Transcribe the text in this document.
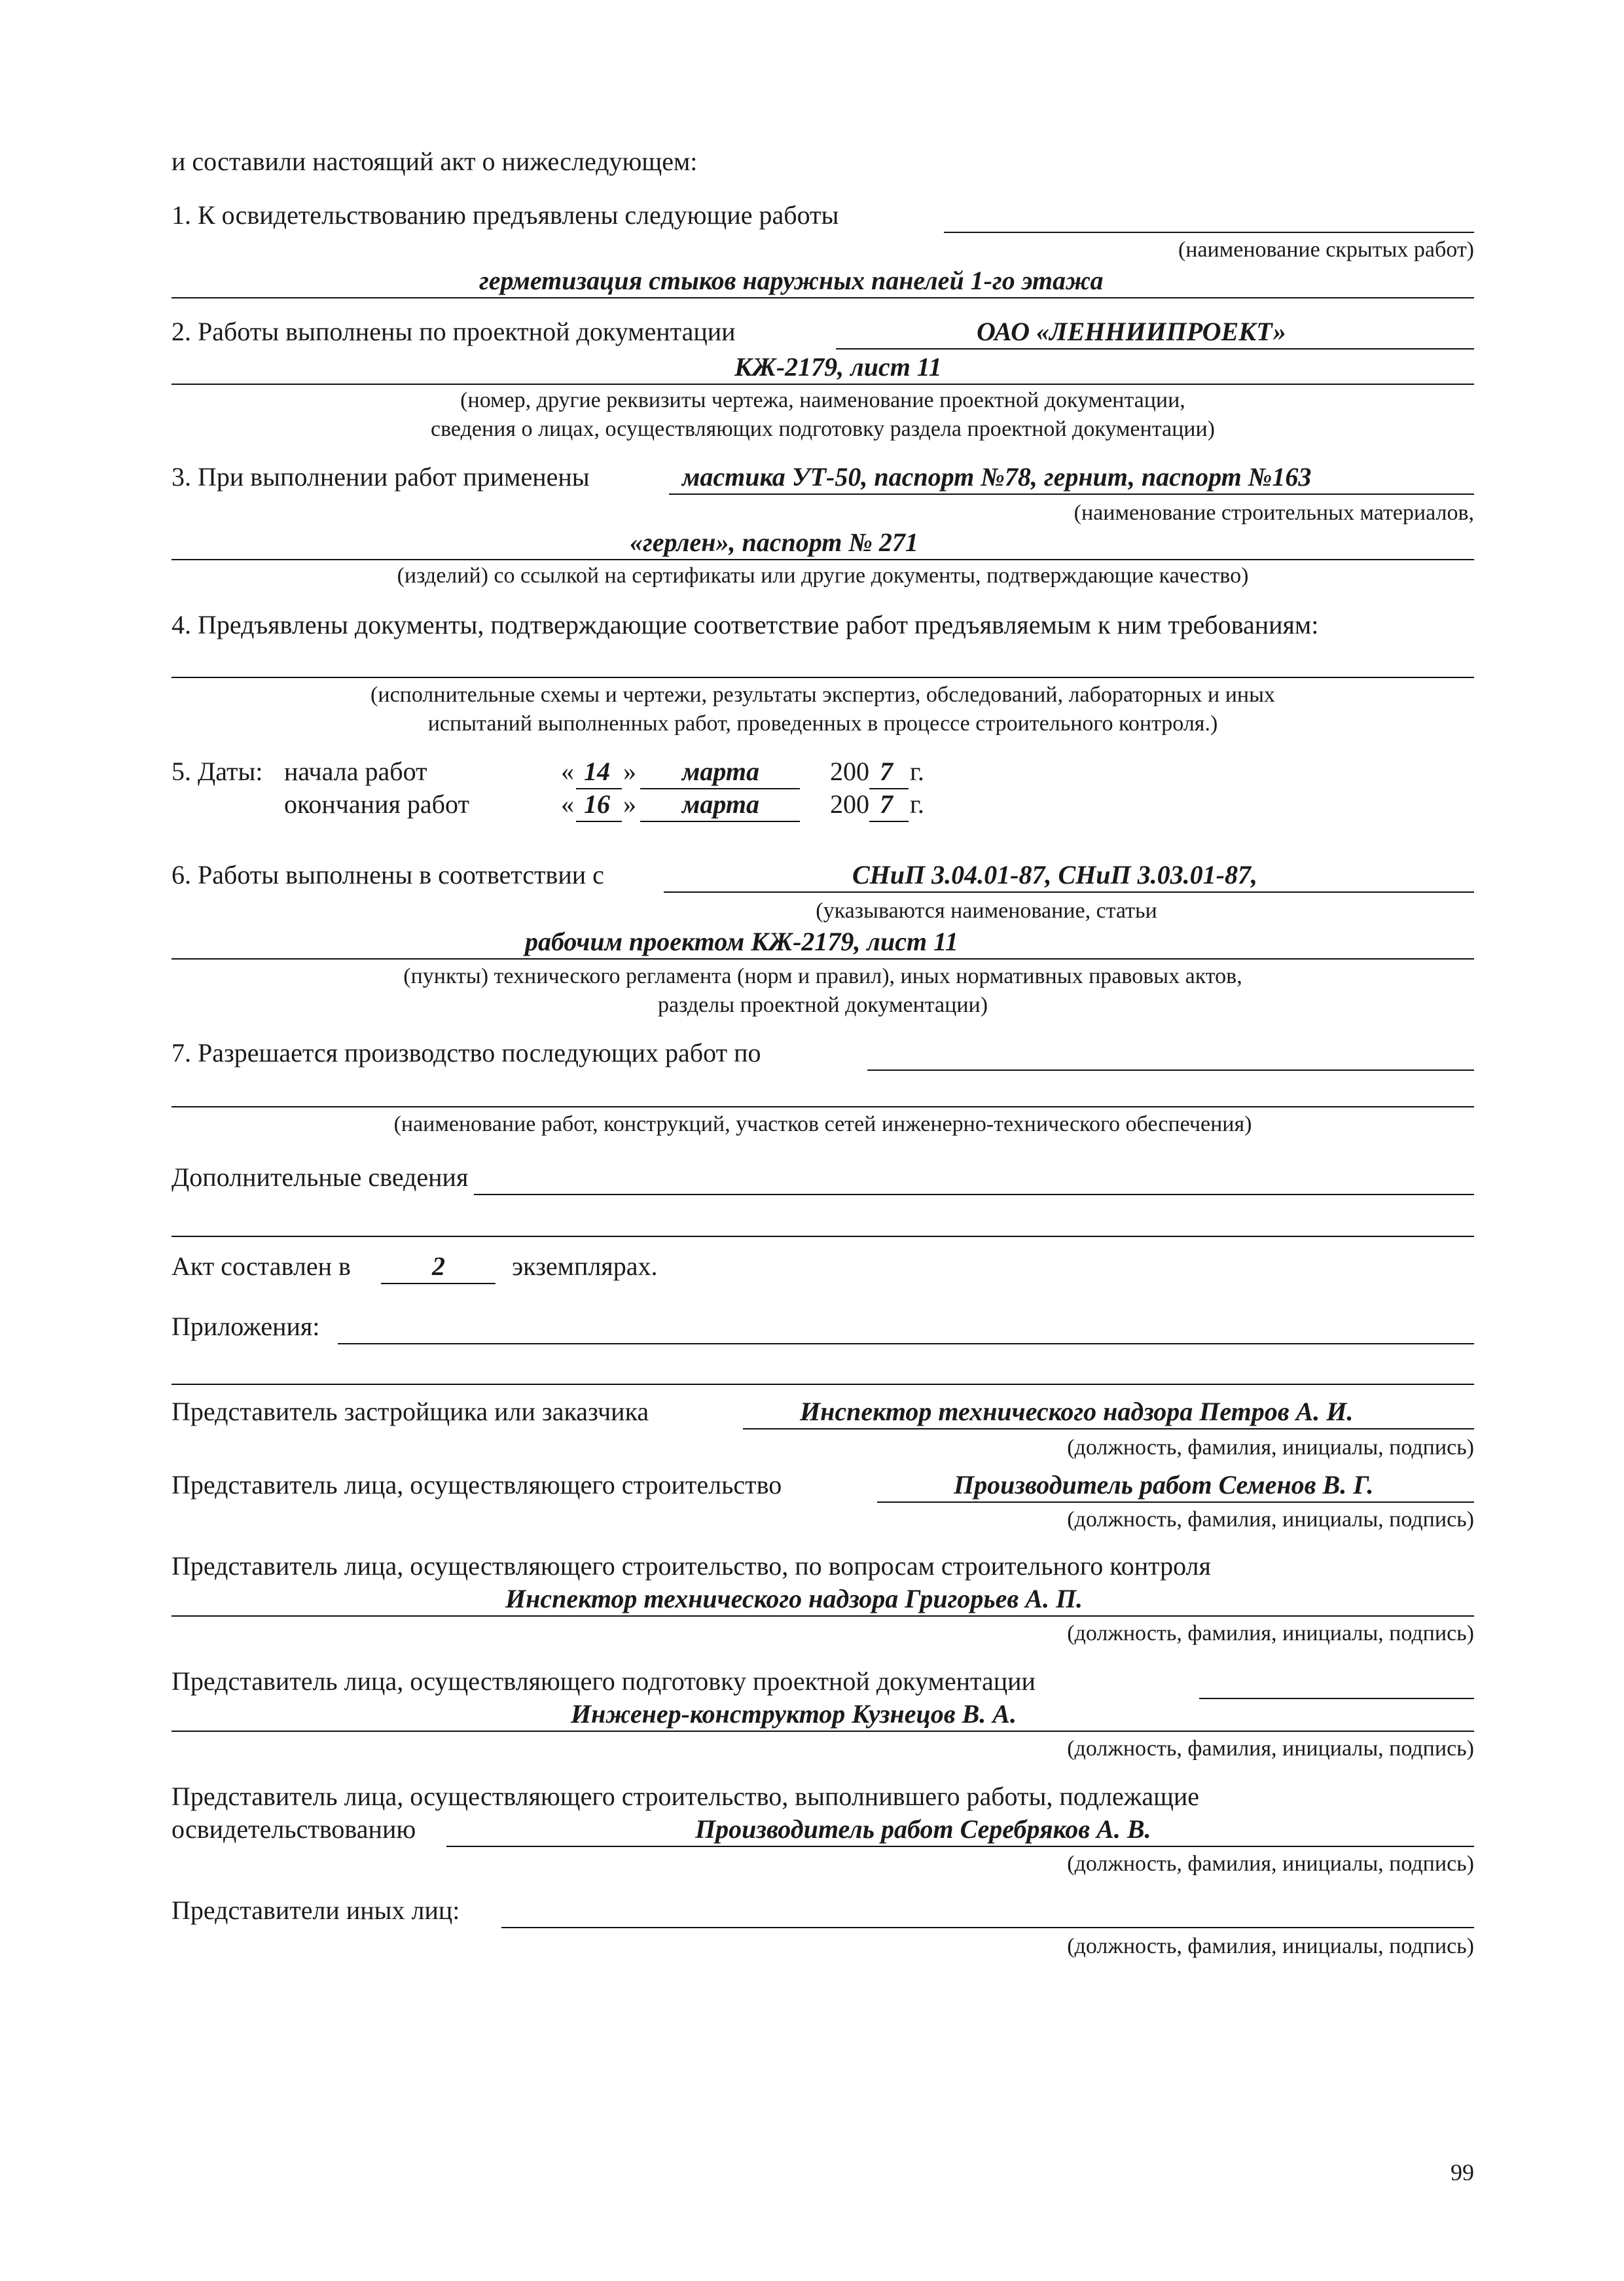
и составили настоящий акт о нижеследующем:
1. К освидетельствованию предъявлены следующие работы
(наименование скрытых работ)
герметизация стыков наружных панелей 1-го этажа
2. Работы выполнены по проектной документации	ОАО «ЛЕННИИПРОЕКТ»
КЖ-2179, лист 11
(номер, другие реквизиты чертежа, наименование проектной документации,
сведения о лицах, осуществляющих подготовку раздела проектной документации)
3. При выполнении работ применены	мастика УТ-50, паспорт №78, гернит, паспорт №163
(наименование строительных материалов,
«герлен», паспорт № 271
(изделий) со ссылкой на сертификаты или другие документы, подтверждающие качество)
4. Предъявлены документы, подтверждающие соответствие работ предъявляемым к ним требованиям:
(исполнительные схемы и чертежи, результаты экспертиз, обследований, лабораторных и иных
испытаний выполненных работ, проведенных в процессе строительного контроля.)
5. Даты: начала работ	« 14 » марта	200 7 г.
окончания работ	« 16 » марта	200 7 г.
6. Работы выполнены в соответствии с	СНиП 3.04.01-87, СНиП 3.03.01-87,
(указываются наименование, статьи
рабочим проектом КЖ-2179, лист 11
(пункты) технического регламента (норм и правил), иных нормативных правовых актов,
разделы проектной документации)
7. Разрешается производство последующих работ по
(наименование работ, конструкций, участков сетей инженерно-технического обеспечения)
Дополнительные сведения
Акт составлен в	2	экземплярах.
Приложения:
Представитель застройщика или заказчика	Инспектор технического надзора Петров А. И.
(должность, фамилия, инициалы, подпись)
Представитель лица, осуществляющего строительство	Производитель работ Семенов В. Г.
(должность, фамилия, инициалы, подпись)
Представитель лица, осуществляющего строительство, по вопросам строительного контроля
Инспектор технического надзора Григорьев А. П.
(должность, фамилия, инициалы, подпись)
Представитель лица, осуществляющего подготовку проектной документации
Инженер-конструктор Кузнецов В. А.
(должность, фамилия, инициалы, подпись)
Представитель лица, осуществляющего строительство, выполнившего работы, подлежащие
освидетельствованию	Производитель работ Серебряков А. В.
(должность, фамилия, инициалы, подпись)
Представители иных лиц:
(должность, фамилия, инициалы, подпись)
99
